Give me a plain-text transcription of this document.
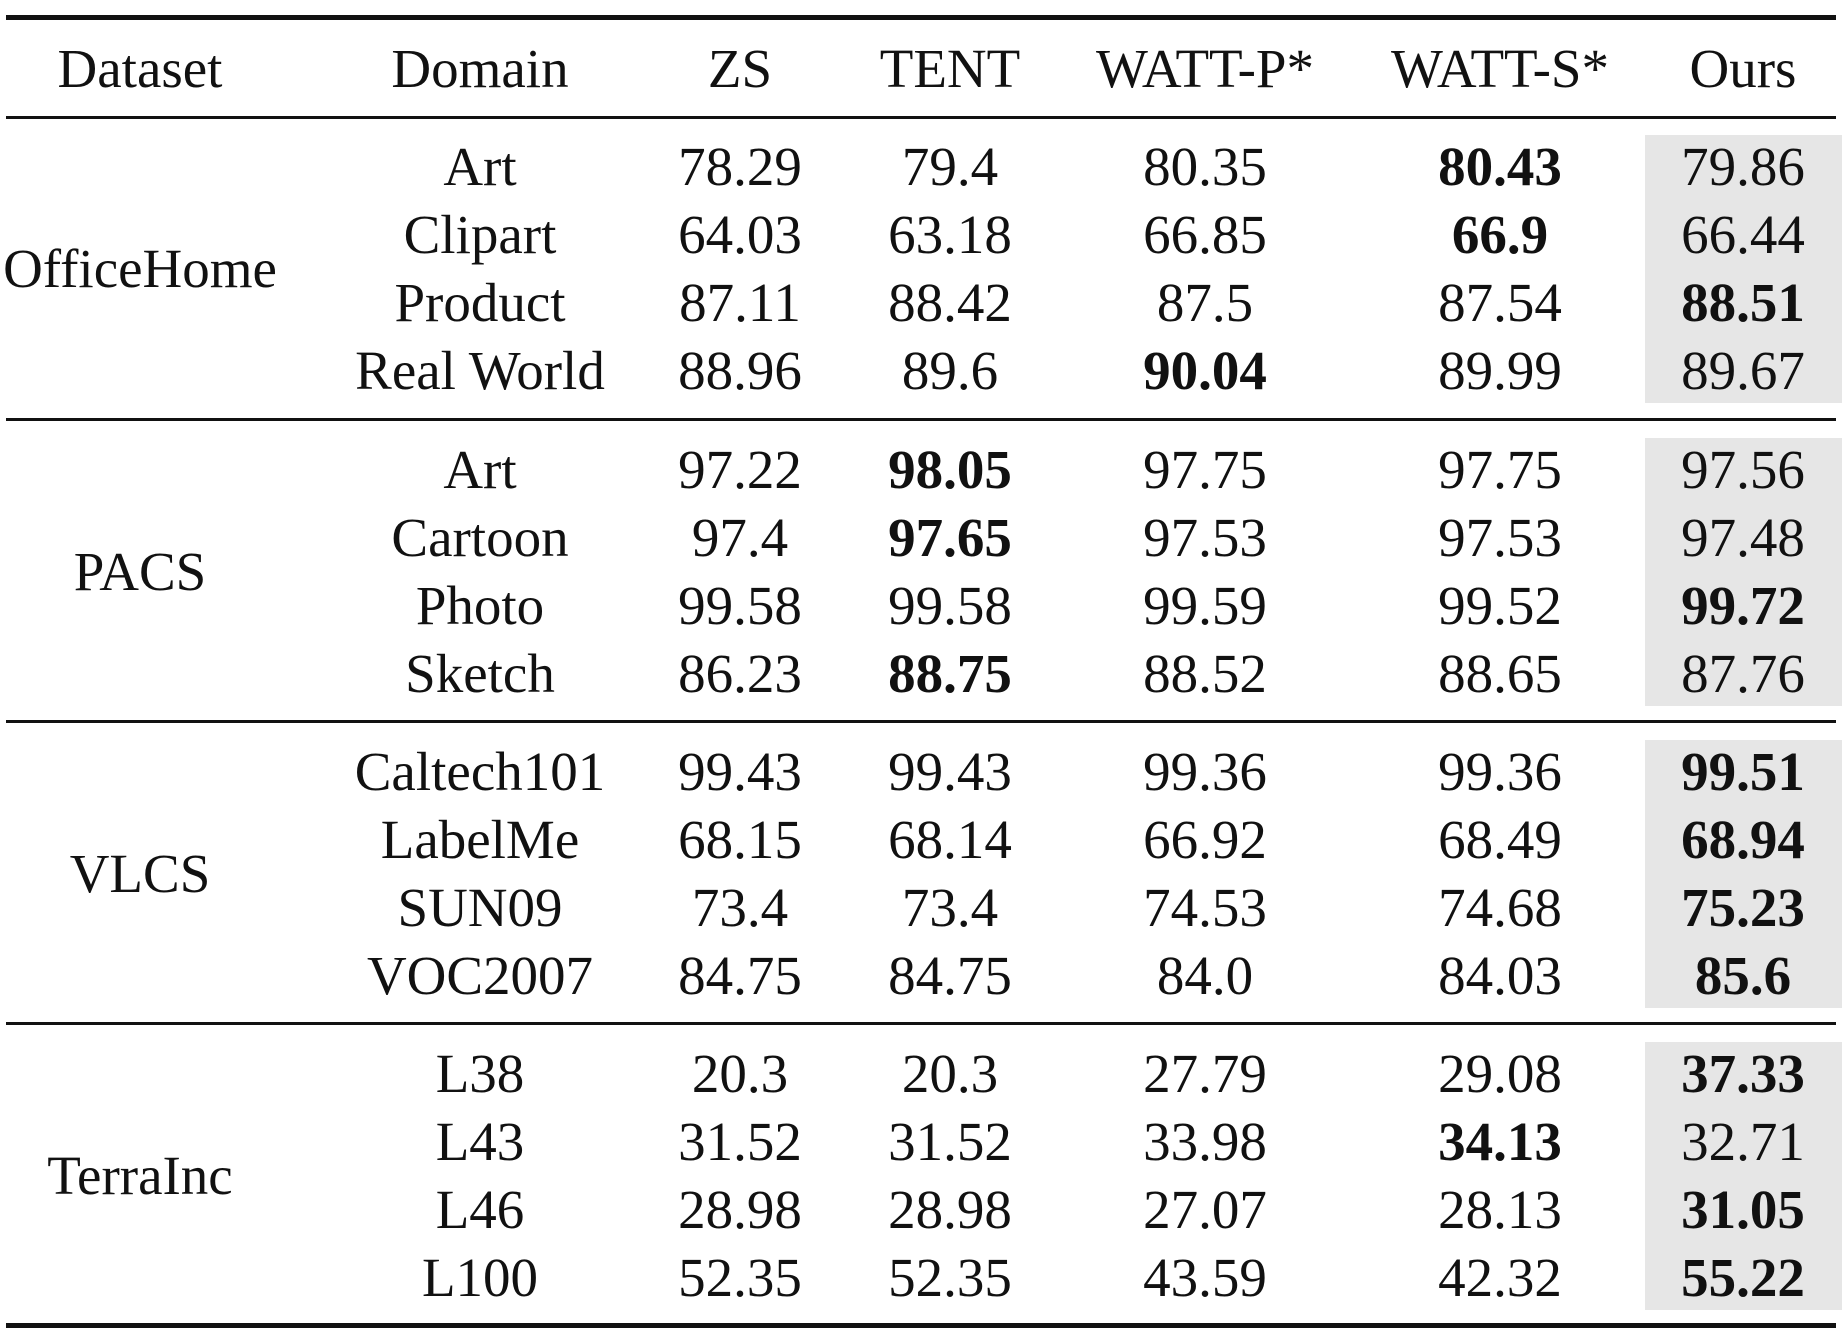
Dataset	Domain	ZS	TENT	WATT-P*	WATT-S*	Ours
OfficeHome
Art	78.29	79.4	80.35	80.43	79.86
Clipart	64.03	63.18	66.85	66.9	66.44
Product	87.11	88.42	87.5	87.54	88.51
Real World	88.96	89.6	90.04	89.99	89.67
PACS
Art	97.22	98.05	97.75	97.75	97.56
Cartoon	97.4	97.65	97.53	97.53	97.48
Photo	99.58	99.58	99.59	99.52	99.72
Sketch	86.23	88.75	88.52	88.65	87.76
VLCS
Caltech101	99.43	99.43	99.36	99.36	99.51
LabelMe	68.15	68.14	66.92	68.49	68.94
SUN09	73.4	73.4	74.53	74.68	75.23
VOC2007	84.75	84.75	84.0	84.03	85.6
TerraInc
L38	20.3	20.3	27.79	29.08	37.33
L43	31.52	31.52	33.98	34.13	32.71
L46	28.98	28.98	27.07	28.13	31.05
L100	52.35	52.35	43.59	42.32	55.22
